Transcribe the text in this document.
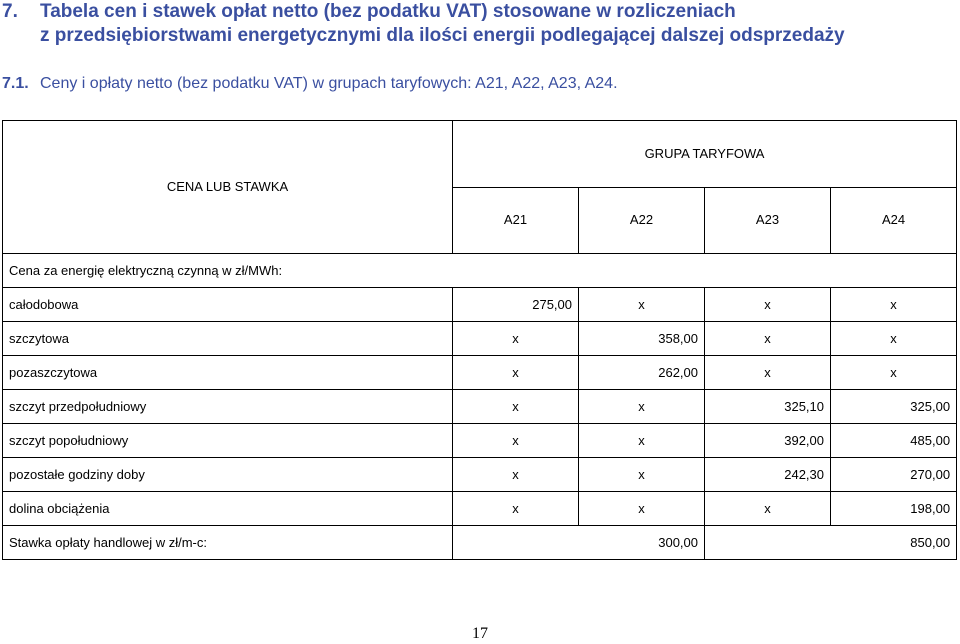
7. Tabela cen i stawek opłat netto (bez podatku VAT) stosowane w rozliczeniach
z przedsiębiorstwami energetycznymi dla ilości energii podlegającej dalszej odsprzedaży
7.1. Ceny i opłaty netto (bez podatku VAT) w grupach taryfowych: A21, A22, A23, A24.
CENA LUB STAWKA	GRUPA TARYFOWA			
	A21	A22	A23	A24
Cena za energię elektryczną czynną w zł/MWh:				
całodobowa	275,00	x	x	x
szczytowa	x	358,00	x	x
pozaszczytowa	x	262,00	x	x
szczyt przedpołudniowy	x	x	325,10	325,00
szczyt popołudniowy	x	x	392,00	485,00
pozostałe godziny doby	x	x	242,30	270,00
dolina obciążenia	x	x	x	198,00
Stawka opłaty handlowej w zł/m-c:	300,00		850,00	
17
